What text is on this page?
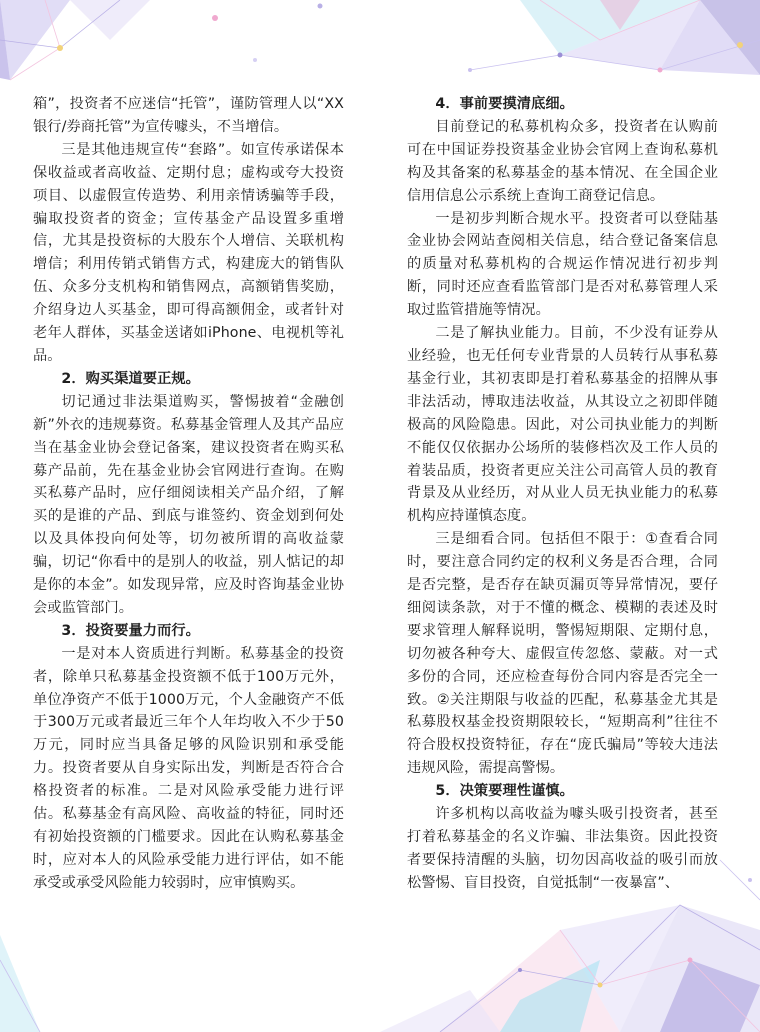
箱”，投资者不应迷信“托管”，谨防管理人以“XX银行/券商托管”为宣传噱头，不当增信。

三是其他违规宣传“套路”。如宣传承诺保本保收益或者高收益、定期付息；虚构或夸大投资项目、以虚假宣传造势、利用亲情诱骗等手段，骗取投资者的资金；宣传基金产品设置多重增信，尤其是投资标的大股东个人增信、关联机构增信；利用传销式销售方式，构建庞大的销售队伍、众多分支机构和销售网点，高额销售奖励，介绍身边人买基金，即可得高额佣金，或者针对老年人群体，买基金送诸如iPhone、电视机等礼品。

2．购买渠道要正规。

切记通过非法渠道购买，警惕披着“金融创新”外衣的违规募资。私募基金管理人及其产品应当在基金业协会登记备案，建议投资者在购买私募产品前，先在基金业协会官网进行查询。在购买私募产品时，应仔细阅读相关产品介绍，了解买的是谁的产品、到底与谁签约、资金划到何处以及具体投向何处等，切勿被所谓的高收益蒙骗，切记“你看中的是别人的收益，别人惦记的却是你的本金”。如发现异常，应及时咨询基金业协会或监管部门。

3．投资要量力而行。

一是对本人资质进行判断。私募基金的投资者，除单只私募基金投资额不低于100万元外，单位净资产不低于1000万元，个人金融资产不低于300万元或者最近三年个人年均收入不少于50万元，同时应当具备足够的风险识别和承受能力。投资者要从自身实际出发，判断是否符合合格投资者的标准。二是对风险承受能力进行评估。私募基金有高风险、高收益的特征，同时还有初始投资额的门槛要求。因此在认购私募基金时，应对本人的风险承受能力进行评估，如不能承受或承受风险能力较弱时，应审慎购买。

4．事前要摸清底细。

目前登记的私募机构众多，投资者在认购前可在中国证券投资基金业协会官网上查询私募机构及其备案的私募基金的基本情况、在全国企业信用信息公示系统上查询工商登记信息。

一是初步判断合规水平。投资者可以登陆基金业协会网站查阅相关信息，结合登记备案信息的质量对私募机构的合规运作情况进行初步判断，同时还应查看监管部门是否对私募管理人采取过监管措施等情况。

二是了解执业能力。目前，不少没有证券从业经验，也无任何专业背景的人员转行从事私募基金行业，其初衷即是打着私募基金的招牌从事非法活动，博取违法收益，从其设立之初即伴随极高的风险隐患。因此，对公司执业能力的判断不能仅仅依据办公场所的装修档次及工作人员的着装品质，投资者更应关注公司高管人员的教育背景及从业经历，对从业人员无执业能力的私募机构应持谨慎态度。

三是细看合同。包括但不限于：①查看合同时，要注意合同约定的权利义务是否合理，合同是否完整，是否存在缺页漏页等异常情况，要仔细阅读条款，对于不懂的概念、模糊的表述及时要求管理人解释说明，警惕短期限、定期付息，切勿被各种夸大、虚假宣传忽悠、蒙蔽。对一式多份的合同，还应检查每份合同内容是否完全一致。②关注期限与收益的匹配，私募基金尤其是私募股权基金投资期限较长，“短期高利”往往不符合股权投资特征，存在“庞氏骗局”等较大违法违规风险，需提高警惕。

5．决策要理性谨慎。

许多机构以高收益为噱头吸引投资者，甚至打着私募基金的名义诈骗、非法集资。因此投资者要保持清醒的头脑，切勿因高收益的吸引而放松警惕、盲目投资，自觉抵制“一夜暴富”、
